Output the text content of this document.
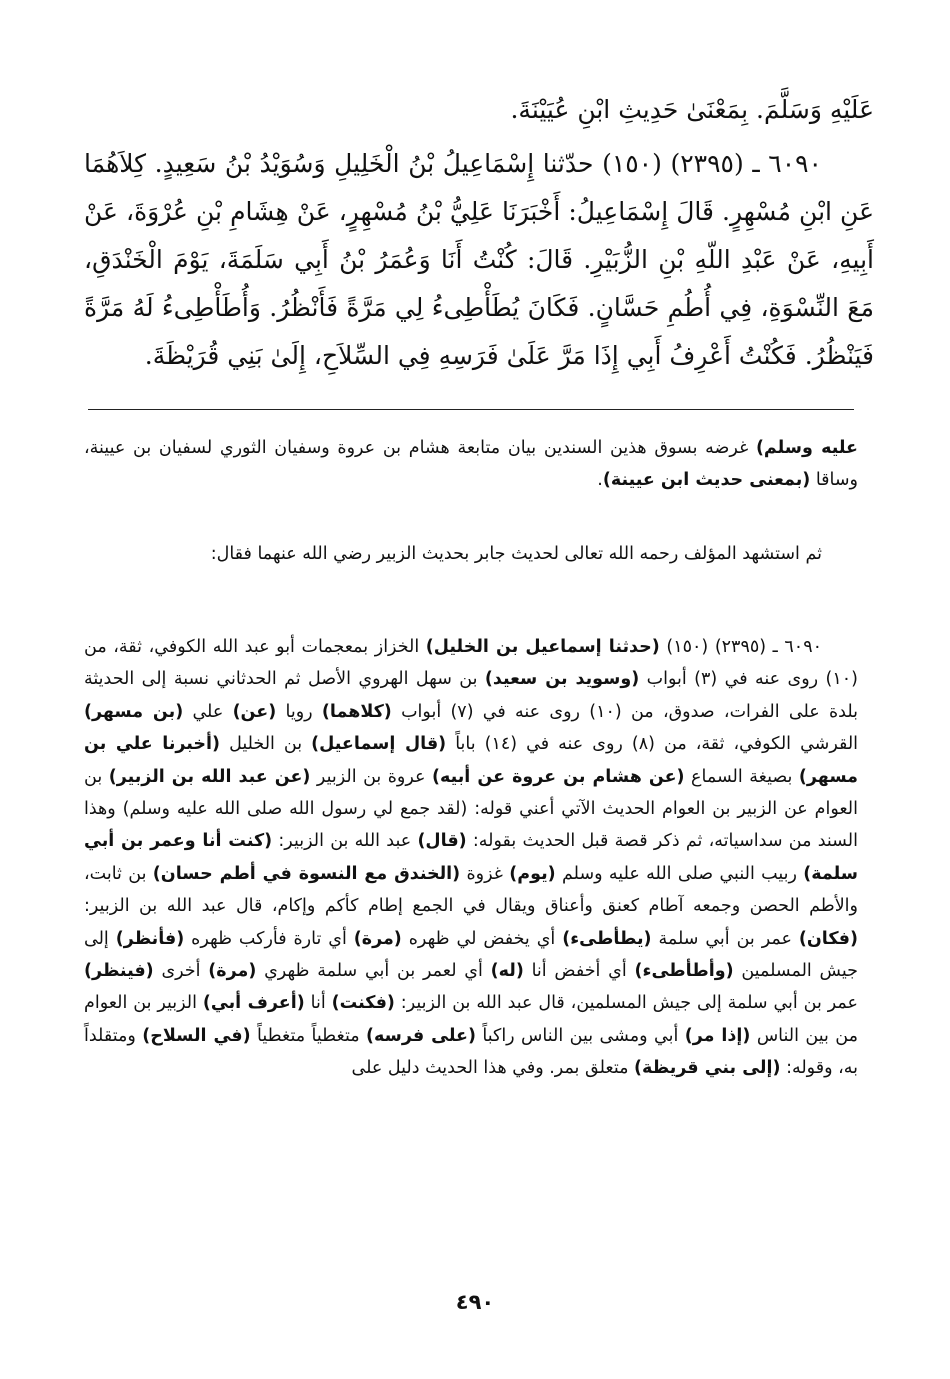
عَلَيْهِ وَسَلَّمَ. بِمَعْنَىٰ حَدِيثِ ابْنِ عُيَيْنَةَ.

٦٠٩٠ ـ (٢٣٩٥) (١٥٠) حدّثنا إِسْمَاعِيلُ بْنُ الْخَلِيلِ وَسُوَيْدُ بْنُ سَعِيدٍ. كِلاَهُمَا عَنِ ابْنِ مُسْهِرٍ. قَالَ إِسْمَاعِيلُ: أَخْبَرَنَا عَلِيُّ بْنُ مُسْهِرٍ، عَنْ هِشَامِ بْنِ عُرْوَةَ، عَنْ أَبِيهِ، عَنْ عَبْدِ اللّهِ بْنِ الزُّبَيْرِ. قَالَ: كُنْتُ أَنَا وَعُمَرُ بْنُ أَبِي سَلَمَةَ، يَوْمَ الْخَنْدَقِ، مَعَ النِّسْوَةِ، فِي أُطُمِ حَسَّانٍ. فَكَانَ يُطَأْطِىءُ لِي مَرَّةً فَأَنْظُرُ. وَأُطَأْطِىءُ لَهُ مَرَّةً فَيَنْظُرُ. فَكُنْتُ أَعْرِفُ أَبِي إِذَا مَرَّ عَلَىٰ فَرَسِهِ فِي السِّلاَحِ، إِلَىٰ بَنِي قُرَيْظَةَ.

عليه وسلم) غرضه بسوق هذين السندين بيان متابعة هشام بن عروة وسفيان الثوري لسفيان بن عيينة، وساقا (بمعنى حديث ابن عيينة).

ثم استشهد المؤلف رحمه الله تعالى لحديث جابر بحديث الزبير رضي الله عنهما فقال:

٦٠٩٠ ـ (٢٣٩٥) (١٥٠) (حدثنا إسماعيل بن الخليل) الخزاز بمعجمات أبو عبد الله الكوفي، ثقة، من (١٠) روى عنه في (٣) أبواب (وسويد بن سعيد) بن سهل الهروي الأصل ثم الحدثاني نسبة إلى الحديثة بلدة على الفرات، صدوق، من (١٠) روى عنه في (٧) أبواب (كلاهما) رويا (عن) علي (بن مسهر) القرشي الكوفي، ثقة، من (٨) روى عنه في (١٤) باباً (قال إسماعيل) بن الخليل (أخبرنا علي بن مسهر) بصيغة السماع (عن هشام بن عروة عن أبيه) عروة بن الزبير (عن عبد الله بن الزبير) بن العوام عن الزبير بن العوام الحديث الآتي أعني قوله: (لقد جمع لي رسول الله صلى الله عليه وسلم) وهذا السند من سداسياته، ثم ذكر قصة قبل الحديث بقوله: (قال) عبد الله بن الزبير: (كنت أنا وعمر بن أبي سلمة) ربيب النبي صلى الله عليه وسلم (يوم) غزوة (الخندق مع النسوة في أطم حسان) بن ثابت، والأطم الحصن وجمعه آطام كعنق وأعناق ويقال في الجمع إطام كأكم وإكام، قال عبد الله بن الزبير: (فكان) عمر بن أبي سلمة (يطأطىء) أي يخفض لي ظهره (مرة) أي تارة فأركب ظهره (فأنظر) إلى جيش المسلمين (وأطأطىء) أي أخفض أنا (له) أي لعمر بن أبي سلمة ظهري (مرة) أخرى (فينظر) عمر بن أبي سلمة إلى جيش المسلمين، قال عبد الله بن الزبير: (فكنت) أنا (أعرف أبي) الزبير بن العوام من بين الناس (إذا مر) أبي ومشى بين الناس راكباً (على فرسه) متغطياً متغطياً (في السلاح) ومتقلداً به، وقوله: (إلى بني قريظة) متعلق بمر. وفي هذا الحديث دليل على

٤٩٠
